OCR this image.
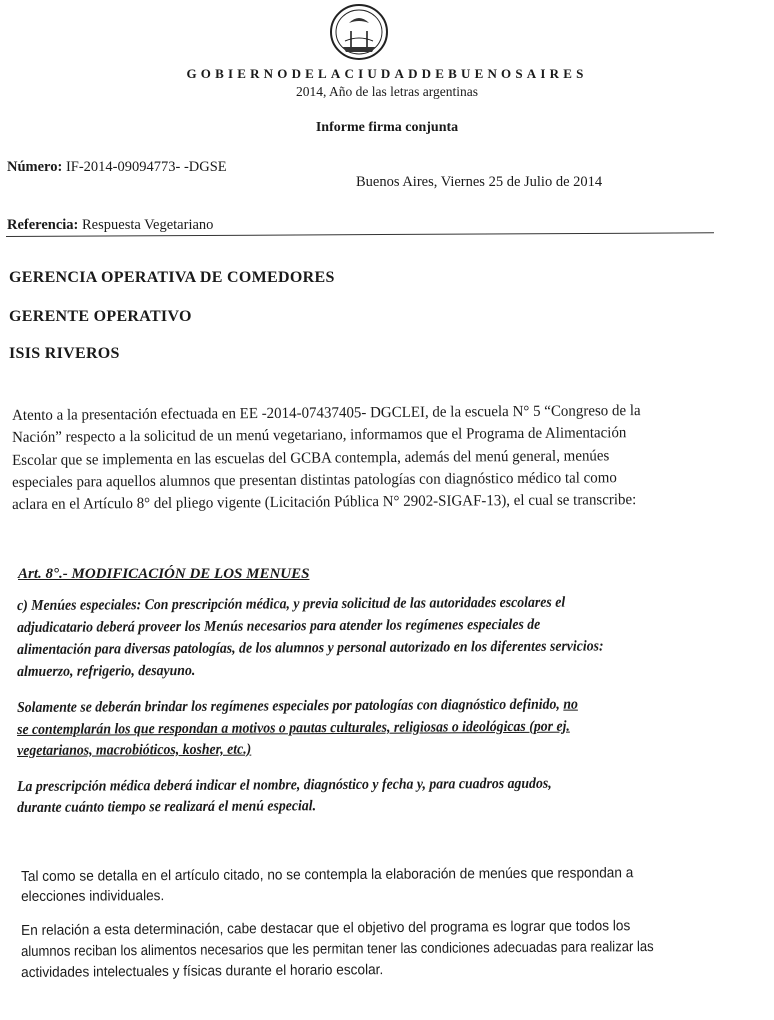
GOBIERNODELACIUDADDEBUENOSAIRES
2014, Año de las letras argentinas
Informe firma conjunta
Número: IF-2014-09094773- -DGSE
Buenos Aires, Viernes 25 de Julio de 2014
Referencia: Respuesta Vegetariano
GERENCIA OPERATIVA DE COMEDORES
GERENTE OPERATIVO
ISIS RIVEROS
Atento a la presentación efectuada en EE -2014-07437405- DGCLEI, de la escuela N° 5 “Congreso de la
Nación” respecto a la solicitud de un menú vegetariano, informamos que el Programa de Alimentación
Escolar que se implementa en las escuelas del GCBA contempla, además del menú general, menúes
especiales para aquellos alumnos que presentan distintas patologías con diagnóstico médico tal como
aclara en el Artículo 8° del pliego vigente (Licitación Pública N° 2902-SIGAF-13), el cual se transcribe:
Art. 8°.- MODIFICACIÓN DE LOS MENUES
c) Menúes especiales: Con prescripción médica, y previa solicitud de las autoridades escolares el
adjudicatario deberá proveer los Menús necesarios para atender los regímenes especiales de
alimentación para diversas patologías, de los alumnos y personal autorizado en los diferentes servicios:
almuerzo, refrigerio, desayuno.
Solamente se deberán brindar los regímenes especiales por patologías con diagnóstico definido, no
se contemplarán los que respondan a motivos o pautas culturales, religiosas o ideológicas (por ej.
vegetarianos, macrobióticos, kosher, etc.)
La prescripción médica deberá indicar el nombre, diagnóstico y fecha y, para cuadros agudos,
durante cuánto tiempo se realizará el menú especial.
Tal como se detalla en el artículo citado, no se contempla la elaboración de menúes que respondan a
elecciones individuales.
En relación a esta determinación, cabe destacar que el objetivo del programa es lograr que todos los
alumnos reciban los alimentos necesarios que les permitan tener las condiciones adecuadas para realizar las
actividades intelectuales y físicas durante el horario escolar.
